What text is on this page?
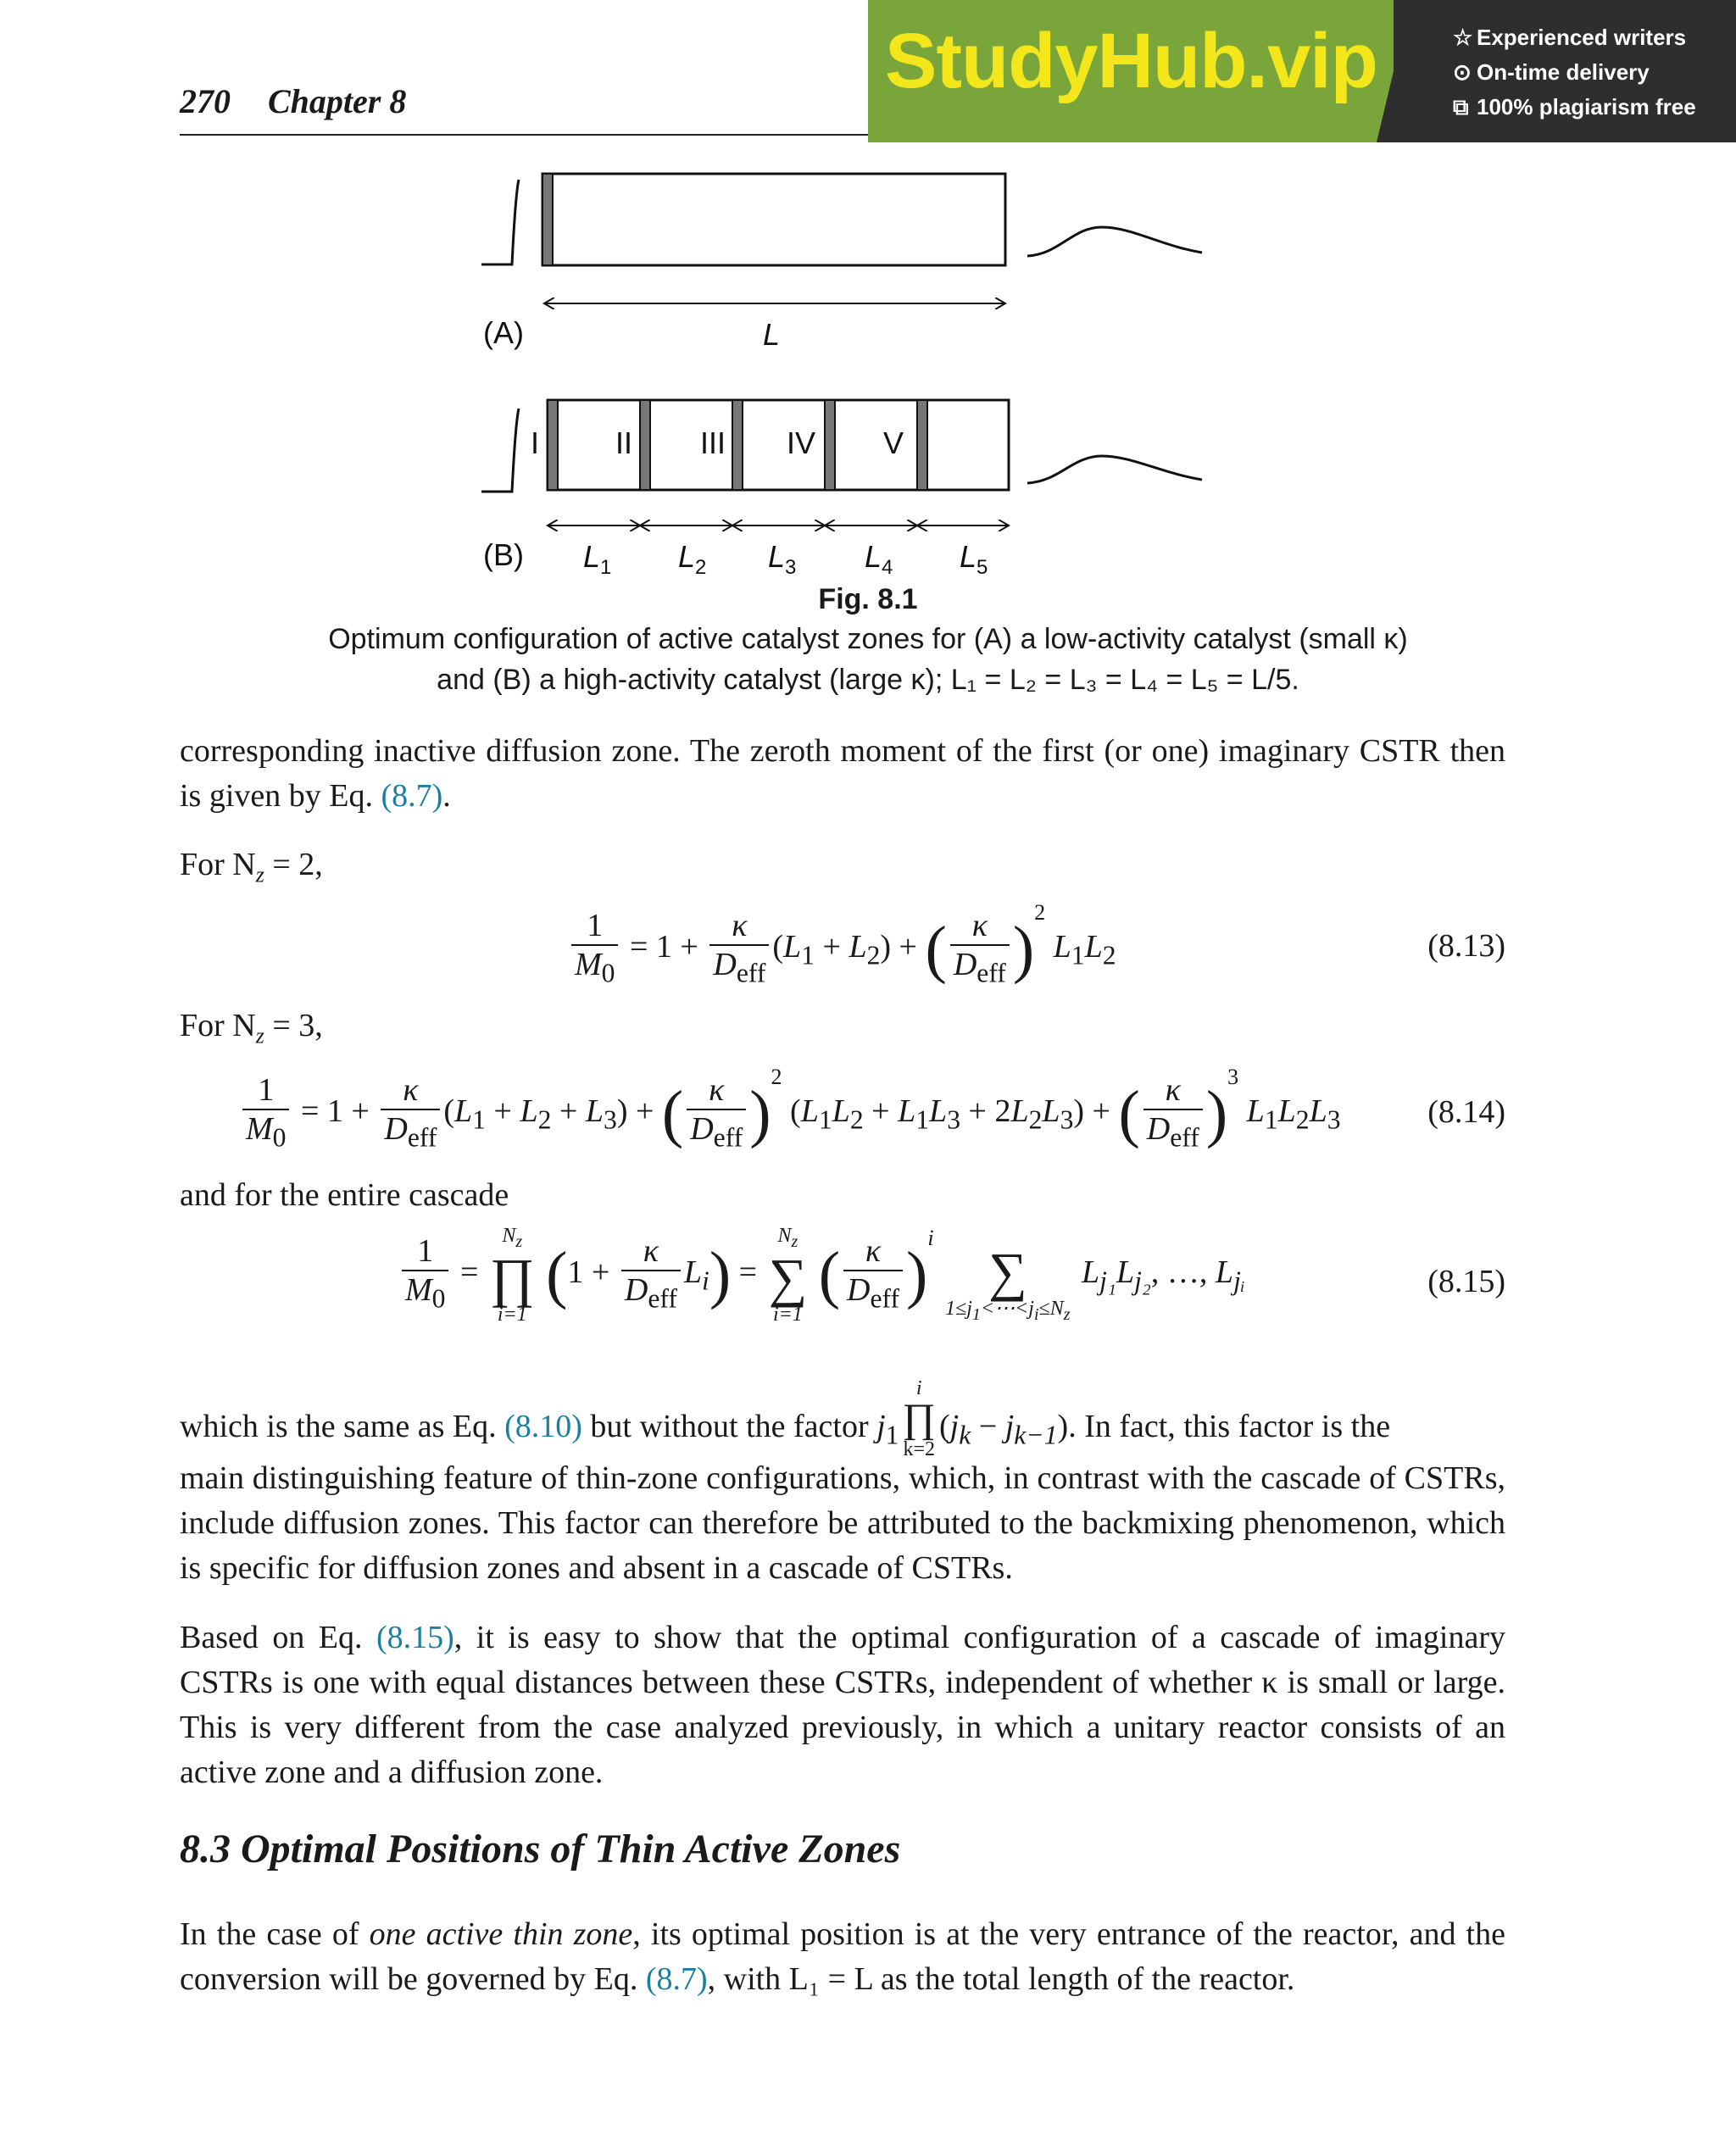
270 Chapter 8	StudyHub.vip	☆ Experienced writers
⊙ On-time delivery
⧉ 100% plagiarism free
(A)	L
(B)
I II III IV V
$L_1$ $L_2$ $L_3$ $L_4$ $L_5$
Fig. 8.1
Optimum configuration of active catalyst zones for (A) a low-activity catalyst (small κ)
and (B) a high-activity catalyst (large κ); L₁ = L₂ = L₃ = L₄ = L₅ = L/5.
corresponding inactive diffusion zone. The zeroth moment of the first (or one) imaginary CSTR then is given by Eq. (8.7).
For $N_z = 2$,
$\frac{1}{M_0} = 1 + \frac{\kappa}{D_{eff}} (L_1 + L_2)$ + ( $\frac{\kappa}{D_{eff}} )^2$ $L_1L_2$	(8.13)
For $N_z = 3$,
$\frac{1}{M_0} = 1 + \frac{\kappa}{D_{eff}} (L_1 + L_2 + L_3)$ + ( $\frac{\kappa}{D_{eff}} )^2$ $(L_1L_2 + L_1L_3 + 2L_2L_3)$ + ( $\frac{\kappa}{D_{eff}} )^3$ $L_1L_2L_3$	(8.14)
and for the entire cascade
$\frac{1}{M_0}$ =
$N_z$
∏
i=1
$(1 + \frac{\kappa}{D_{eff}} L_i)$ =
$N_z$
∑
i=1
( $\frac{\kappa}{D_{eff}} )^i$

∑
$1\le j_1<\cdots<j_i\le N_z$
$L_{j_1}L_{j_2}$, …, $L_{jᵢ}$	(8.15)
which is the same as Eq. (8.10) but without the factor $j_1$
i
∏
k=2
$(j_k - j_{k-1})$. In fact, this factor is the
main distinguishing feature of thin-zone configurations, which, in contrast with the cascade of CSTRs, include diffusion zones. This factor can therefore be attributed to the backmixing phenomenon, which is specific for diffusion zones and absent in a cascade of CSTRs.
Based on Eq. (8.15), it is easy to show that the optimal configuration of a cascade of imaginary CSTRs is one with equal distances between these CSTRs, independent of whether κ is small or large. This is very different from the case analyzed previously, in which a unitary reactor consists of an active zone and a diffusion zone.
8.3 Optimal Positions of Thin Active Zones
In the case of one active thin zone, its optimal position is at the very entrance of the reactor, and the conversion will be governed by Eq. (8.7), with L₁ = L as the total length of the reactor.
